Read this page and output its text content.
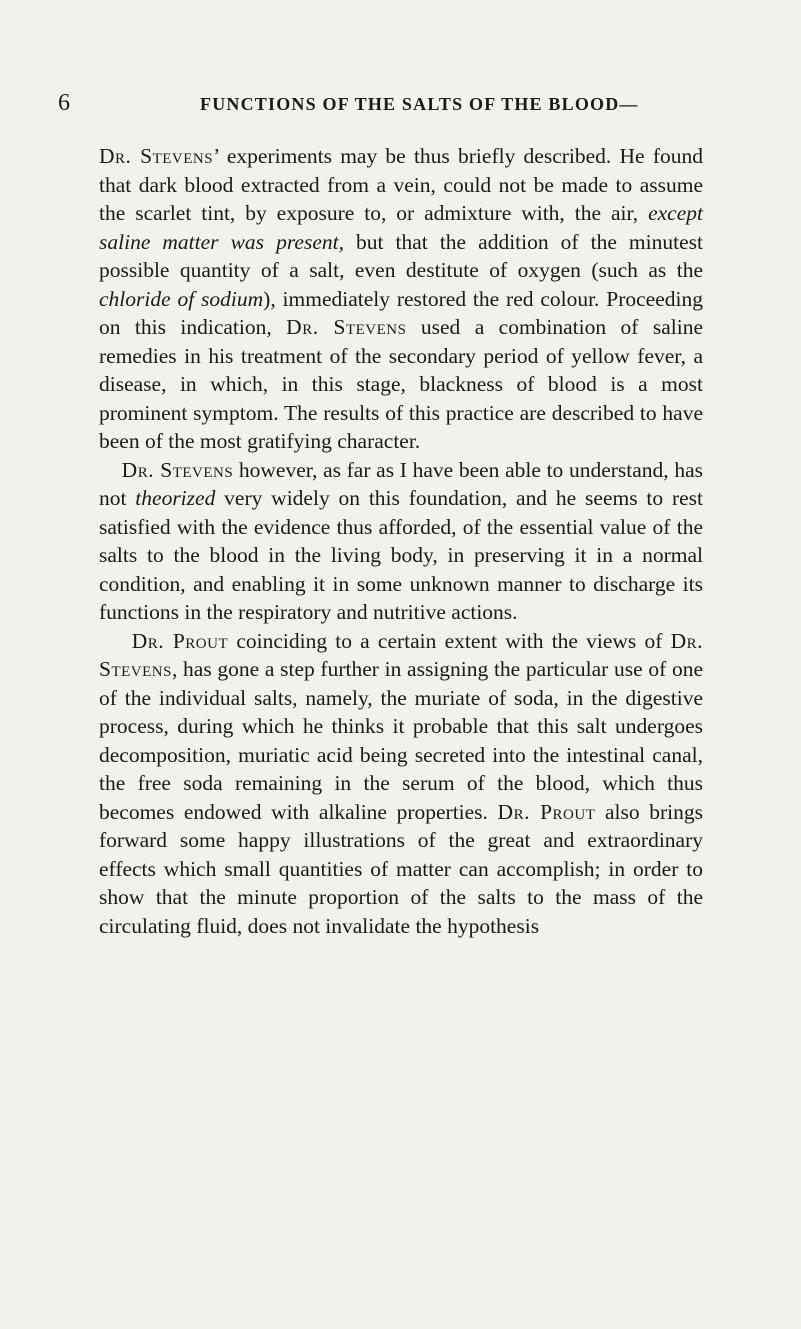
6	FUNCTIONS OF THE SALTS OF THE BLOOD—

Dr. Stevens’ experiments may be thus briefly described. He found that dark blood extracted from a vein, could not be made to assume the scarlet tint, by exposure to, or admixture with, the air, except saline matter was present, but that the addition of the minutest possible quantity of a salt, even destitute of oxygen (such as the chloride of sodium), immediately restored the red colour. Proceeding on this indication, Dr. Stevens used a combination of saline remedies in his treatment of the secondary period of yellow fever, a disease, in which, in this stage, blackness of blood is a most prominent symptom. The results of this practice are described to have been of the most gratifying character.

Dr. Stevens however, as far as I have been able to understand, has not theorized very widely on this foundation, and he seems to rest satisfied with the evidence thus afforded, of the essential value of the salts to the blood in the living body, in preserving it in a normal condition, and enabling it in some unknown manner to discharge its functions in the respiratory and nutritive actions.

Dr. Prout coinciding to a certain extent with the views of Dr. Stevens, has gone a step further in assigning the particular use of one of the individual salts, namely, the muriate of soda, in the digestive process, during which he thinks it probable that this salt undergoes decomposition, muriatic acid being secreted into the intestinal canal, the free soda remaining in the serum of the blood, which thus becomes endowed with alkaline properties. Dr. Prout also brings forward some happy illustrations of the great and extraordinary effects which small quantities of matter can accomplish; in order to show that the minute proportion of the salts to the mass of the circulating fluid, does not invalidate the hypothesis
